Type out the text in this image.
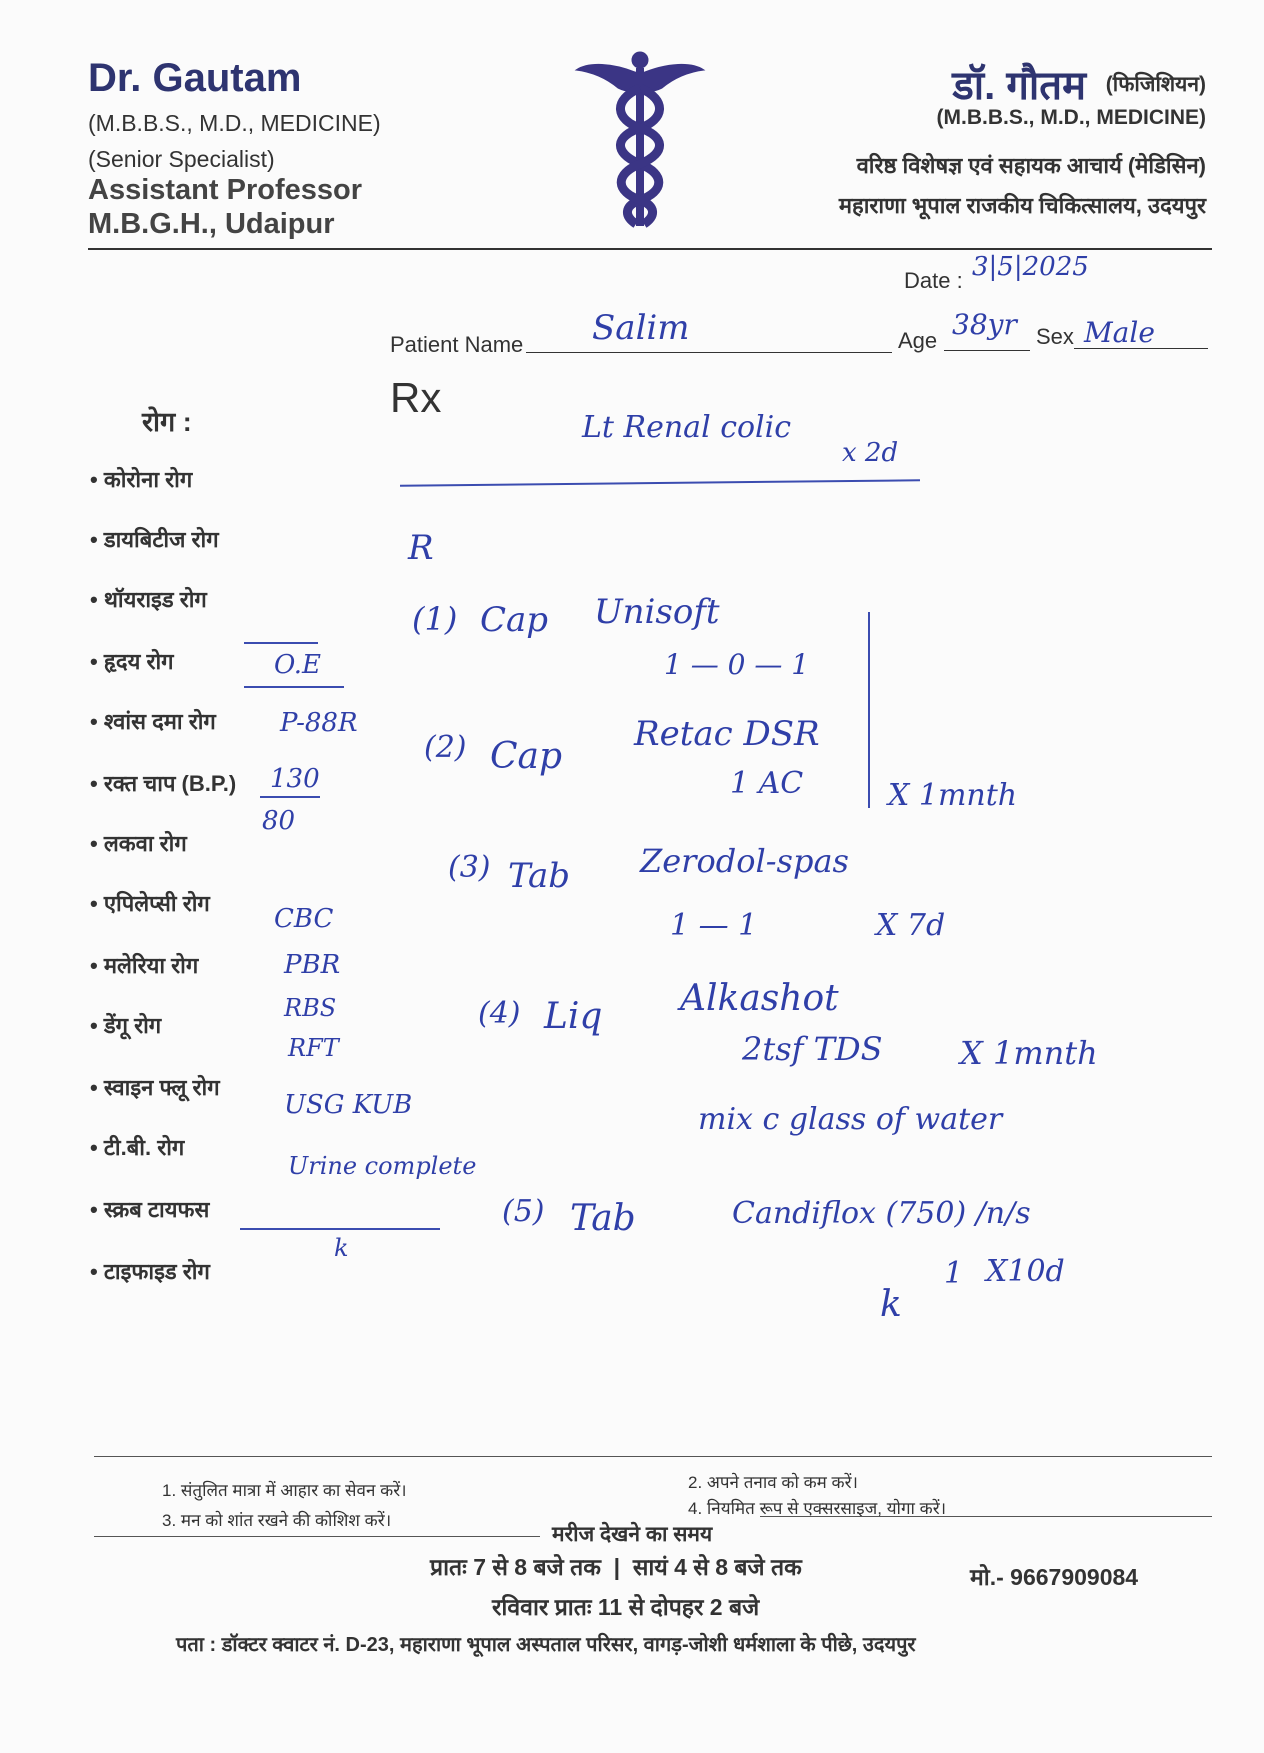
Dr. Gautam
(M.B.B.S., M.D., MEDICINE)
(Senior Specialist)
Assistant Professor
M.B.G.H., Udaipur
डॉ. गौतम (फिजिशियन)
(M.B.B.S., M.D., MEDICINE)
वरिष्ठ विशेषज्ञ एवं सहायक आचार्य (मेडिसिन)
महाराणा भूपाल राजकीय चिकित्सालय, उदयपुर
Date : 3|5|2025
Patient Name Salim	Age 38yr Sex Male
Rx
Lt Renal colic
x 2d
रोग :
• कोरोना रोग
• डायबिटीज रोग
• थॉयराइड रोग
• हृदय रोग
• श्वांस दमा रोग
• रक्त चाप (B.P.)
• लकवा रोग
• एपिलेप्सी रोग
• मलेरिया रोग
• डेंगू रोग
• स्वाइन फ्लू रोग
• टी.बी. रोग
• स्क्रब टायफस
• टाइफाइड रोग
O.E
P-88R
130
80
CBC
PBR
RBS
RFT
USG KUB
Urine complete
k
R
(1) Cap Unisoft
1 — 0 — 1
(2) Cap
Retac DSR
1 AC	X 1mnth
(3) Tab Zerodol-spas
1 — 1	X 7d
(4) Liq Alkashot
2tsf TDS X 1mnth
mix c glass of water
(5) Tab	Candiflox (750) /n/s
1 X10d
k
1. संतुलित मात्रा में आहार का सेवन करें।	2. अपने तनाव को कम करें।
3. मन को शांत रखने की कोशिश करें।
4. नियमित रूप से एक्सरसाइज, योगा करें।
मरीज देखने का समय
प्रातः 7 से 8 बजे तक  |  सायं 4 से 8 बजे तक
रविवार प्रातः 11 से दोपहर 2 बजे
मो.- 9667909084
पता : डॉक्टर क्वाटर नं. D-23, महाराणा भूपाल अस्पताल परिसर, वागड़-जोशी धर्मशाला के पीछे, उदयपुर
